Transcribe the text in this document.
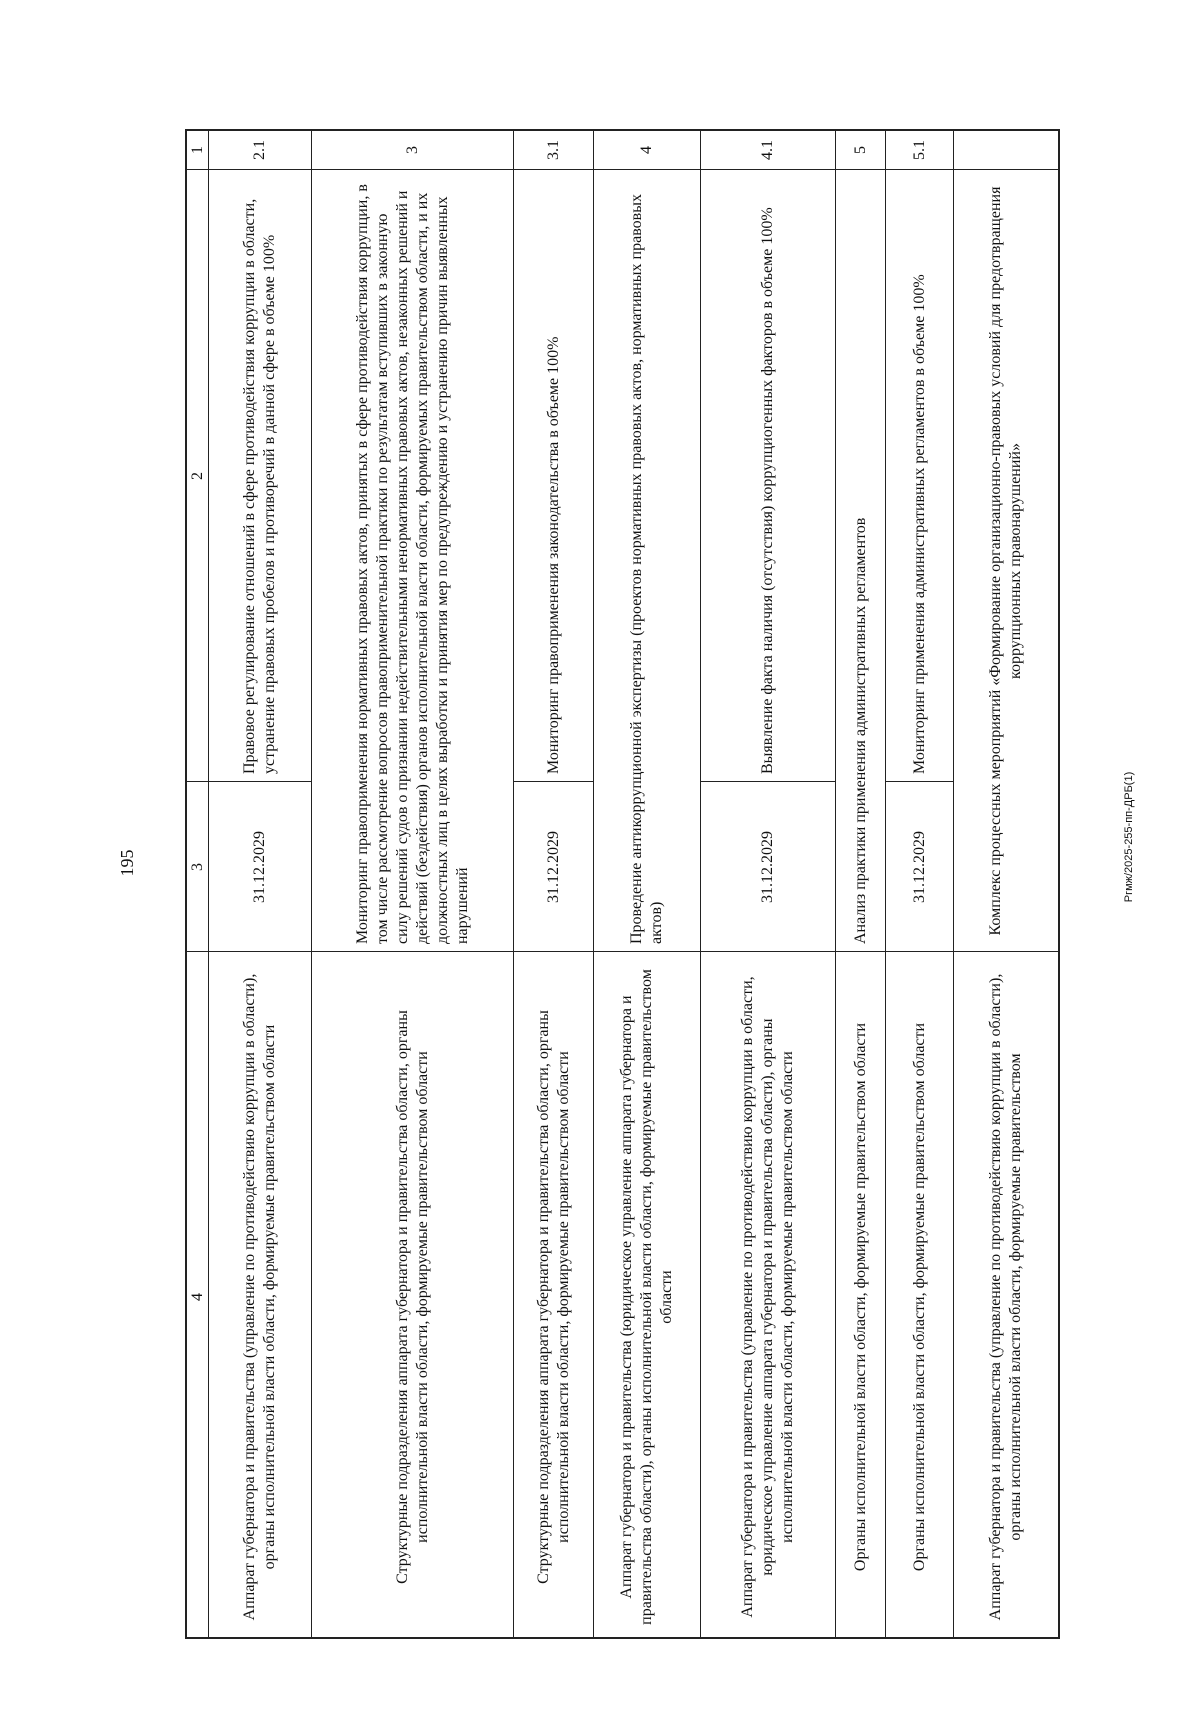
195	Ргмж/2025-255-пп-ДРБ(1)
1
2
3
4
2.1
Правовое регулирование отношений в сфере противодействия коррупции в области, устранение правовых пробелов и противоречий в данной сфере в объеме 100%
31.12.2029
Аппарат губернатора и правительства (управление по противодействию коррупции в области), органы исполнительной власти области, формируемые правительством области
3
Мониторинг правоприменения нормативных правовых актов, принятых в сфере противодействия коррупции, в том числе рассмотрение вопросов правоприменительной практики по результатам вступивших в законную силу решений судов о признании недействительными ненормативных правовых актов, незаконных решений и действий (бездействия) органов исполнительной власти области, формируемых правительством области, и их должностных лиц в целях выработки и принятия мер по предупреждению и устранению причин выявленных нарушений
Структурные подразделения аппарата губернатора и правительства области, органы исполнительной власти области, формируемые правительством области
3.1
Мониторинг правоприменения законодательства в объеме 100%
31.12.2029
Структурные подразделения аппарата губернатора и правительства области, органы исполнительной власти области, формируемые правительством области
4
Проведение антикоррупционной экспертизы (проектов нормативных правовых актов, нормативных правовых актов)
Аппарат губернатора и правительства (юридическое управление аппарата губернатора и правительства области), органы исполнительной власти области, формируемые правительством области
4.1
Выявление факта наличия (отсутствия) коррупциогенных факторов в объеме 100%
31.12.2029
Аппарат губернатора и правительства (управление по противодействию коррупции в области, юридическое управление аппарата губернатора и правительства области), органы исполнительной власти области, формируемые правительством области
5
Анализ практики применения административных регламентов
Органы исполнительной власти области, формируемые правительством области
5.1
Мониторинг применения административных регламентов в объеме 100%
31.12.2029
Органы исполнительной власти области, формируемые правительством области
Комплекс процессных мероприятий «Формирование организационно-правовых условий для предотвращения коррупционных правонарушений»
Аппарат губернатора и правительства (управление по противодействию коррупции в области), органы исполнительной власти области, формируемые правительством
